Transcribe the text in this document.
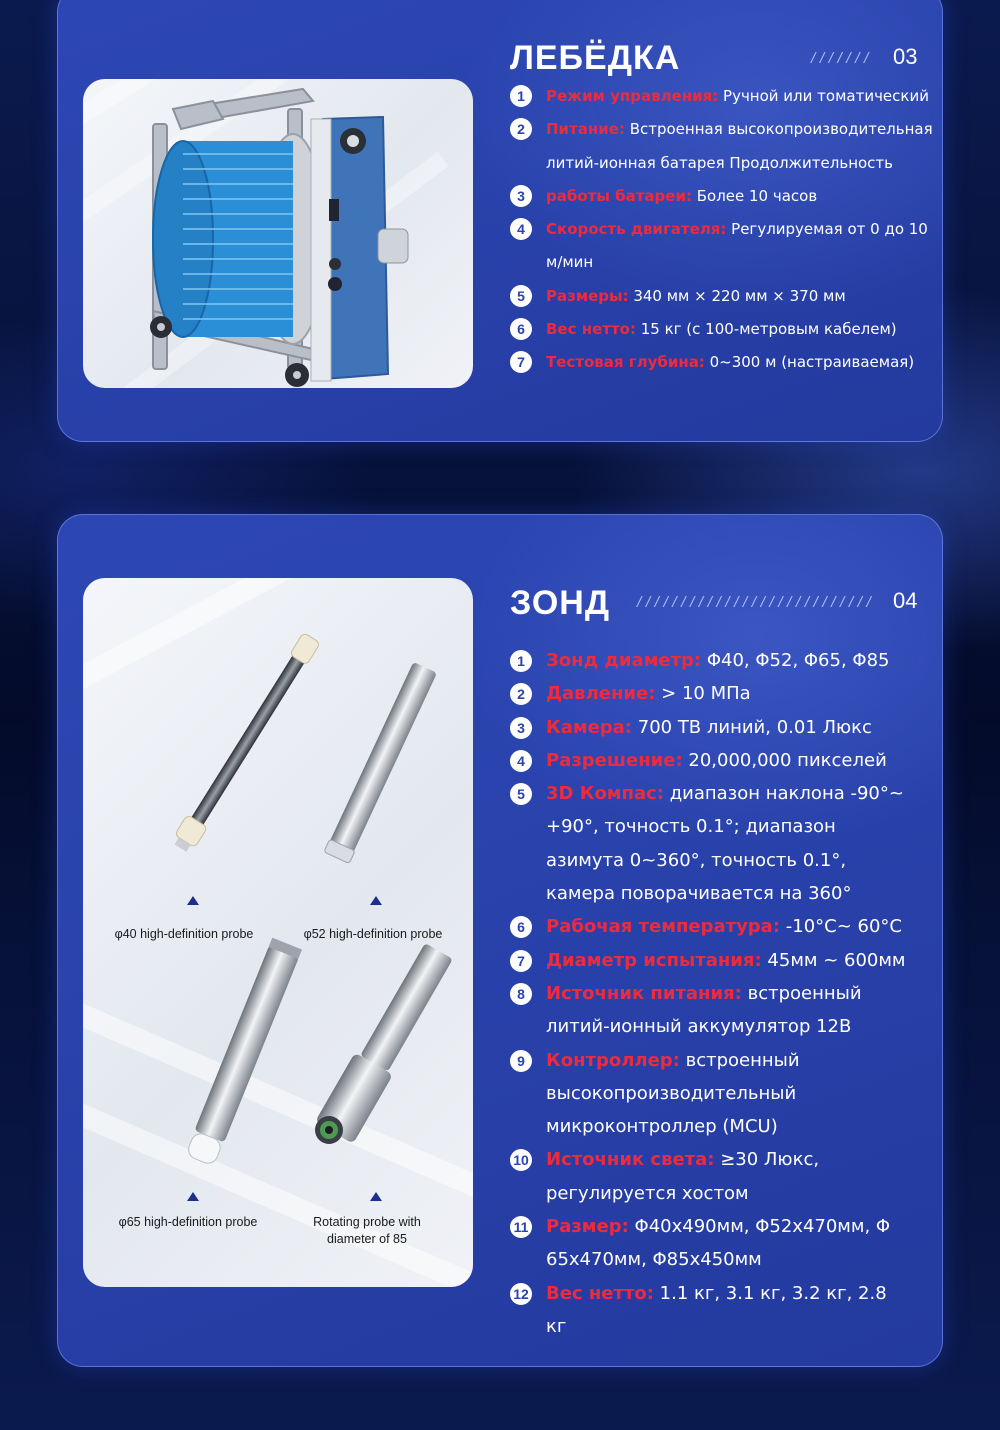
ЛЕБЁДКА	/////// 03
1	Режим управления: Ручной или томатический
2	Питание: Встроенная высокопроизводительная литий-ионная батарея Продолжительность
3	работы батареи: Более 10 часов
4	Скорость двигателя: Регулируемая от 0 до 10 м/мин
5	Размеры: 340 мм × 220 мм × 370 мм
6	Вес нетто: 15 кг (с 100-метровым кабелем)
7	Тестовая глубина: 0~300 м (настраиваемая)
φ40 high-definition probe	φ52 high-definition probe
φ65 high-definition probe	Rotating probe with diameter of 85
ЗОНД /////////////////////////// 04
1	Зонд диаметр: Φ40, Φ52, Φ65, Φ85
2	Давление: > 10 МПа
3	Камера: 700 ТВ линий, 0.01 Люкс
4	Разрешение: 20,000,000 пикселей
5	3D Компас: диапазон наклона -90°~ +90°, точность 0.1°; диапазон азимута 0~360°, точность 0.1°, камера поворачивается на 360°
6	Рабочая температура: -10°C~ 60°C
7	Диаметр испытания: 45мм ~ 600мм
8	Источник питания: встроенный литий-ионный аккумулятор 12В
9	Контроллер: встроенный высокопроизводительный микроконтроллер (MCU)
10 Источник света: ≥30 Люкс, регулируется хостом
11 Размер: Φ40x490мм, Φ52x470мм, Φ 65x470мм, Φ85x450мм
12 Вес нетто: 1.1 кг, 3.1 кг, 3.2 кг, 2.8 кг
